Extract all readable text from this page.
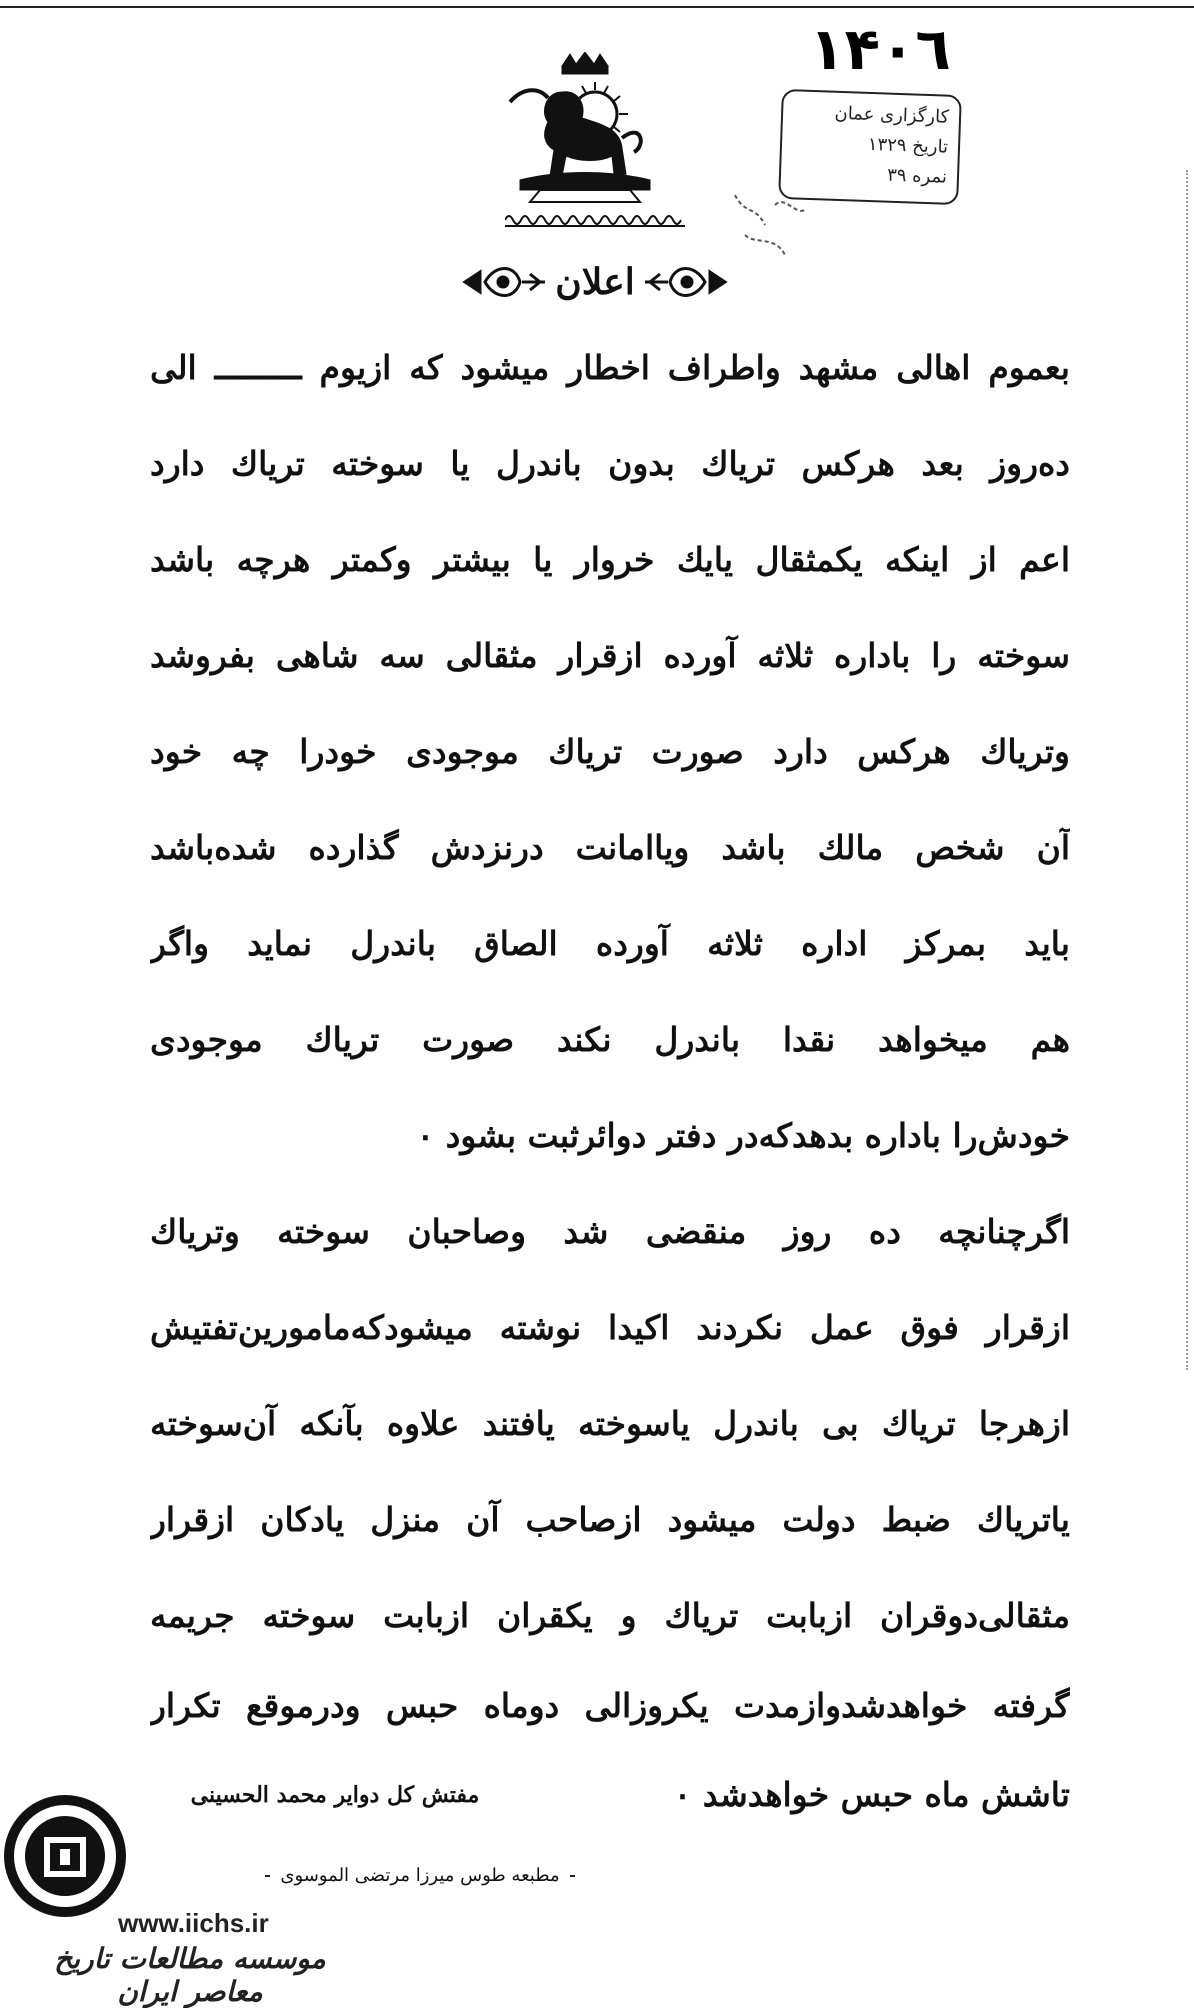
١۴٠٦
کارگزاری عمان
تاریخ ۱۳۲۹
نمره ۳۹
اعلان
بعموم اهالی مشهد واطراف اخطار میشود که ازیوم ـــــــــ الی
ده‌روز بعد هرکس تریاك بدون باندرل یا سوخته تریاك دارد
اعم از اینکه یکمثقال یایك خروار یا بیشتر وکمتر هرچه باشد
سوخته را باداره ثلاثه آورده ازقرار مثقالی سه شاهی بفروشد
وتریاك هرکس دارد صورت تریاك موجودی خودرا چه خود
آن شخص مالك باشد ویاامانت درنزدش گذارده شده‌باشد
باید بمرکز اداره ثلاثه آورده الصاق باندرل نماید واگر
هم میخواهد نقدا باندرل نکند صورت تریاك موجودی
خودش‌را باداره بدهدکه‌در دفتر دوائرثبت بشود ٠
اگرچنانچه ده روز منقضی شد وصاحبان سوخته وتریاك
ازقرار فوق عمل نکردند اکیدا نوشته میشودکه‌مامورین‌تفتیش
ازهرجا تریاك بی باندرل یاسوخته یافتند علاوه بآنکه آن‌سوخته
یاتریاك ضبط دولت میشود ازصاحب آن منزل یادکان ازقرار
مثقالی‌دوقران ازبابت تریاك و یکقران ازبابت سوخته جریمه
گرفته خواهدشدوازمدت یکروزالی دوماه حبس ودرموقع تکرار
تاشش ماه حبس خواهدشد ٠
مفتش کل دوایر محمد الحسینی
مطبعه طوس میرزا مرتضی الموسوی
www.iichs.ir
موسسه مطالعات تاریخ معاصر ایران
